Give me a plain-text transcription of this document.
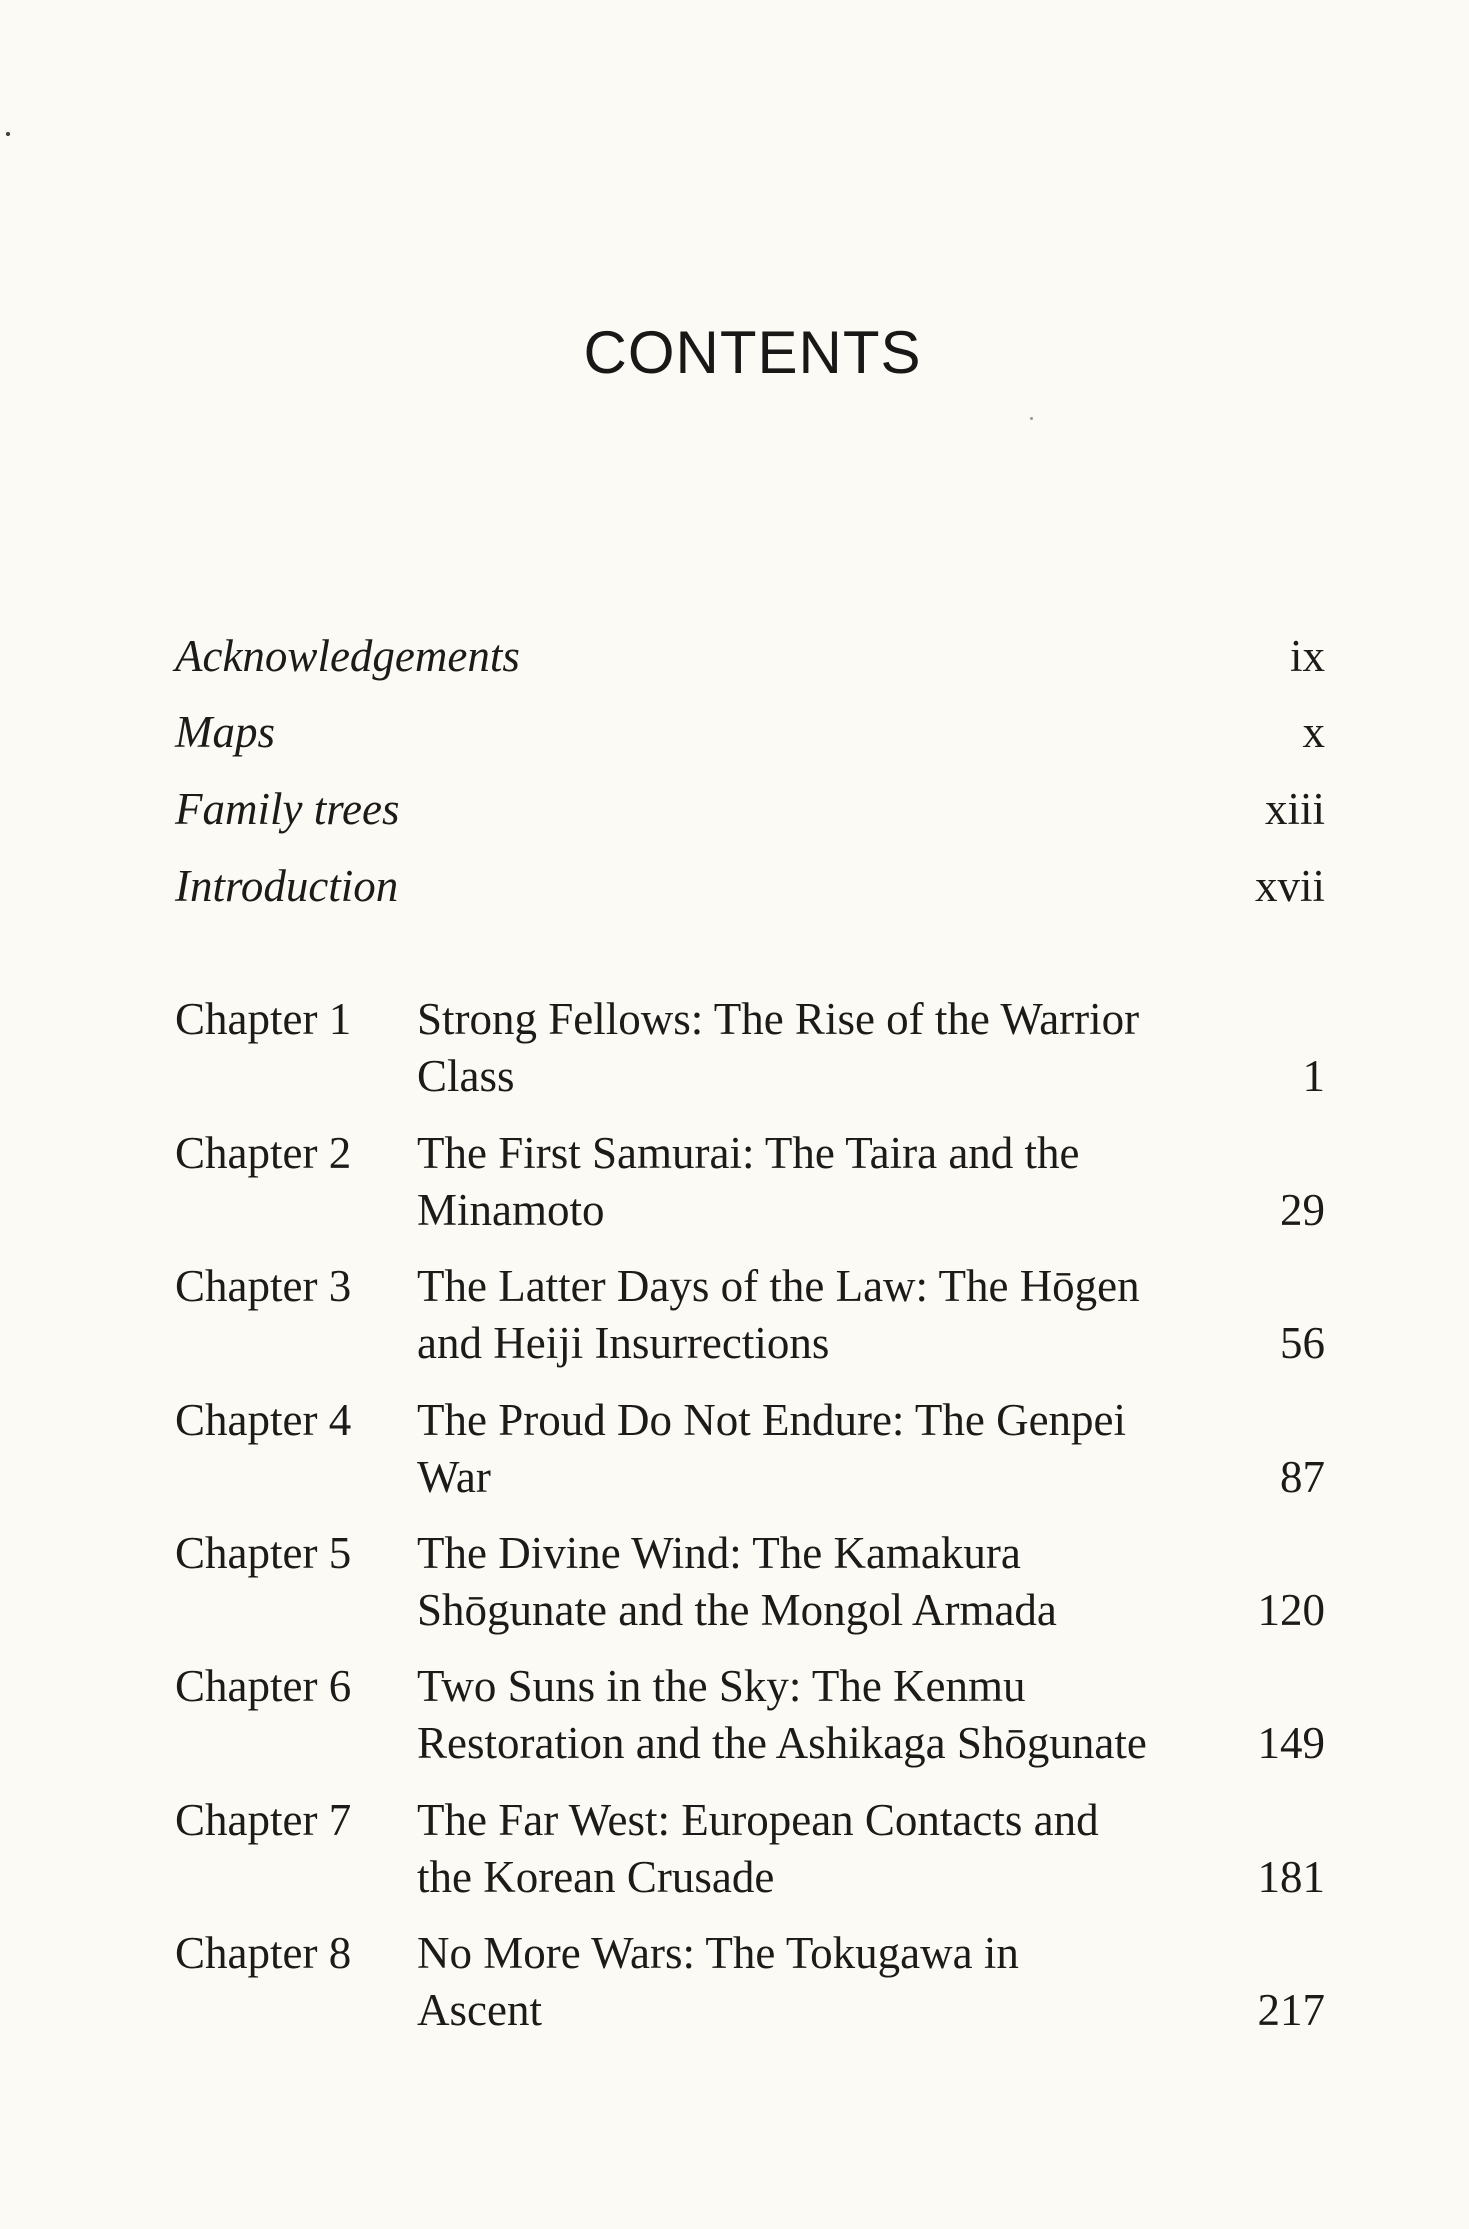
CONTENTS
Acknowledgements	ix
Maps	x
Family trees	xiii
Introduction	xvii
Chapter 1 Strong Fellows: The Rise of the Warrior
Class	1
Chapter 2 The First Samurai: The Taira and the
Minamoto	29
Chapter 3 The Latter Days of the Law: The Hōgen
and Heiji Insurrections	56
Chapter 4 The Proud Do Not Endure: The Genpei
War	87
Chapter 5 The Divine Wind: The Kamakura
Shōgunate and the Mongol Armada	120
Chapter 6 Two Suns in the Sky: The Kenmu
Restoration and the Ashikaga Shōgunate	149
Chapter 7 The Far West: European Contacts and
the Korean Crusade	181
Chapter 8 No More Wars: The Tokugawa in
Ascent	217
